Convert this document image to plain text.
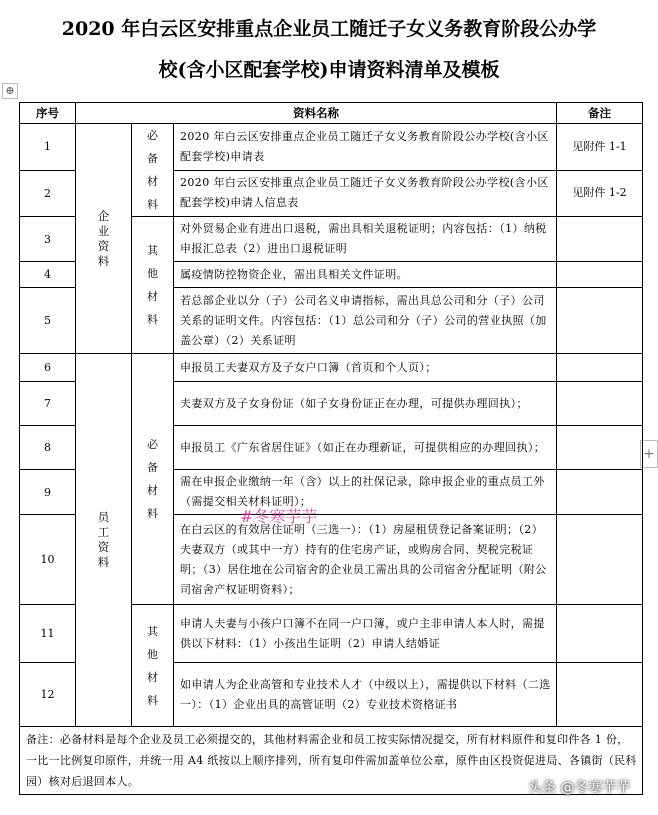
2020 年白云区安排重点企业员工随迁子女义务教育阶段公办学
校(含小区配套学校)申请资料清单及模板
⊕
+
序号	资料名称			备注
1	企业资料	必备材料	2020 年白云区安排重点企业员工随迁子女义务教育阶段公办学校(含小区配套学校)申请表	见附件 1-1
2			2020 年白云区安排重点企业员工随迁子女义务教育阶段公办学校(含小区配套学校)申请人信息表	见附件 1-2
3		其他材料	对外贸易企业有进出口退税，需出具相关退税证明；内容包括：（1）纳税申报汇总表（2）进出口退税证明	
4			属疫情防控物资企业，需出具相关文件证明。	
5			若总部企业以分（子）公司名义申请指标，需出具总公司和分（子）公司关系的证明文件。内容包括：（1）总公司和分（子）公司的营业执照（加盖公章）（2）关系证明	
6	员工资料	必备材料	申报员工夫妻双方及子女户口簿（首页和个人页）；	
7			夫妻双方及子女身份证（如子女身份证正在办理，可提供办理回执）；	
8			申报员工《广东省居住证》（如正在办理新证，可提供相应的办理回执）；	
9			需在申报企业缴纳一年（含）以上的社保记录，除申报企业的重点员工外（需提交相关材料证明）；	
10			在白云区的有效居住证明（三选一）：（1）房屋租赁登记备案证明；（2）夫妻双方（或其中一方）持有的住宅房产证，或购房合同、契税完税证明；（3）居住地在公司宿舍的企业员工需出具的公司宿舍分配证明（附公司宿舍产权证明资料）；	
11		其他材料	申请人夫妻与小孩户口簿不在同一户口簿，或户主非申请人本人时，需提供以下材料：（1）小孩出生证明（2）申请人结婚证	
12			如申请人为企业高管和专业技术人才（中级以上），需提供以下材料（二选一）：（1）企业出具的高管证明（2）专业技术资格证书	
备注：必备材料是每个企业及员工必须提交的，其他材料需企业和员工按实际情况提交，所有材料原件和复印件各 1 份，一比一比例复印原件，并统一用 A4 纸按以上顺序排列，所有复印件需加盖单位公章，原件由区投资促进局、各镇街（民科园）核对后退回本人。				
#冬寒芋芋
头条 @冬寒芋芋
